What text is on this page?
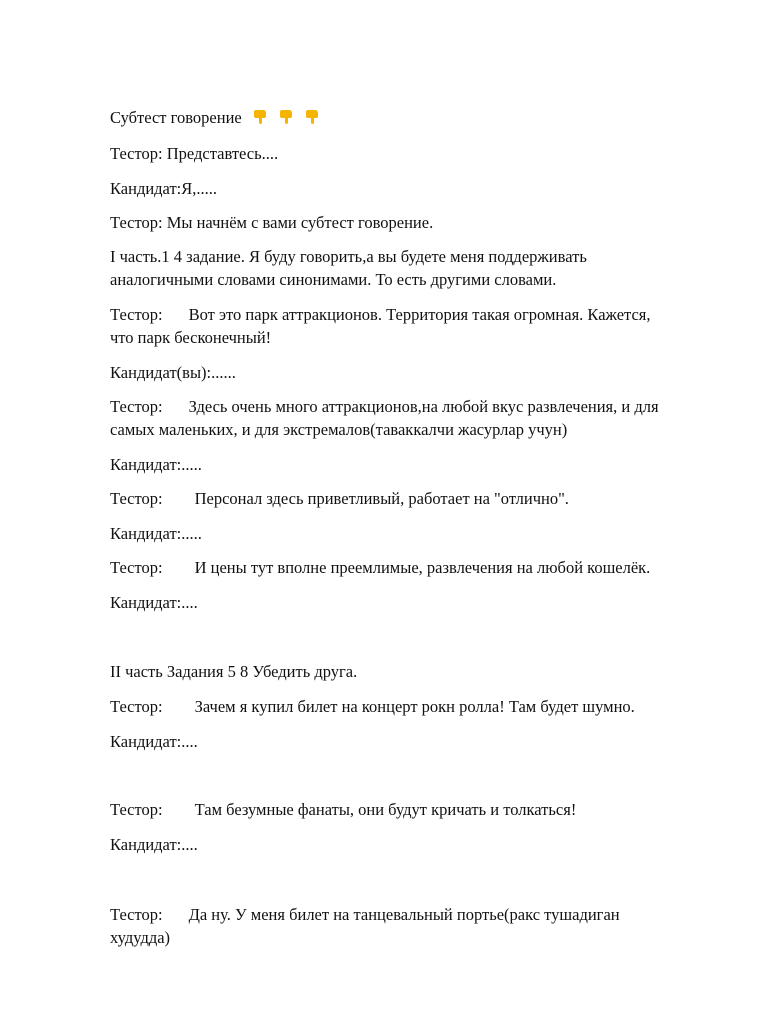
Субтест говорение
Тестор: Представтесь....
Кандидат:Я,.....
Тестор: Мы начнём с вами субтест говорение.
I часть.1 4 задание. Я буду говорить,а вы будете меня поддерживать
аналогичными словами синонимами. То есть другими словами.
Тестор: Вот это парк аттракционов. Территория такая огромная. Кажется,
что парк бесконечный!
Кандидат(вы):......
Тестор: Здесь очень много аттракционов,на любой вкус развлечения, и для
самых маленьких, и для экстремалов(таваккалчи жасурлар учун)
Кандидат:.....
Тестор: Персонал здесь приветливый, работает на "отлично".
Кандидат:.....
Тестор: И цены тут вполне преемлимые, развлечения на любой кошелёк.
Кандидат:....
II часть Задания 5 8 Убедить друга.
Тестор: Зачем я купил билет на концерт рокн ролла! Там будет шумно.
Кандидат:....
Тестор: Там безумные фанаты, они будут кричать и толкаться!
Кандидат:....
Тестор: Да ну. У меня билет на танцевальный портье(ракс тушадиган
худудда)
